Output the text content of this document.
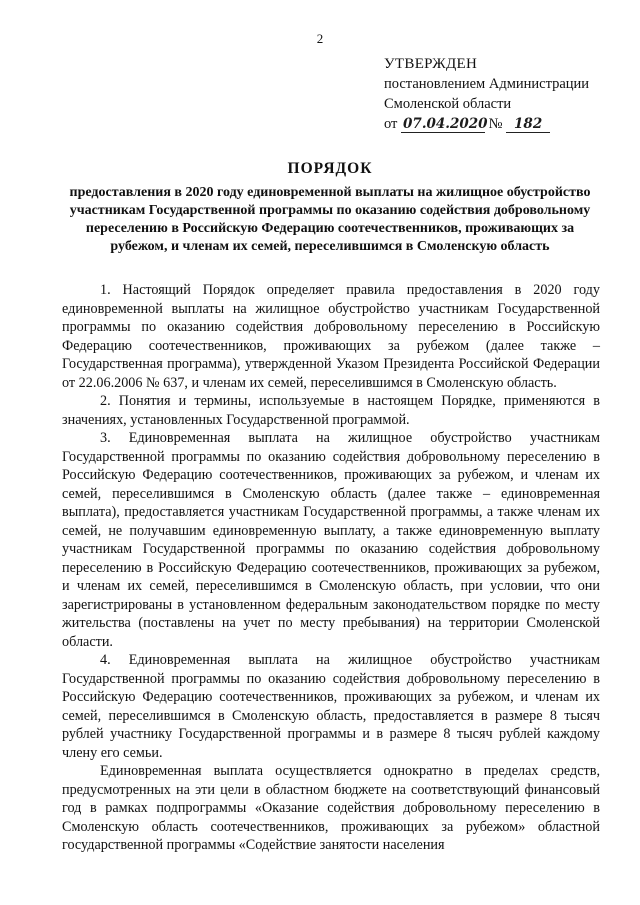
2
УТВЕРЖДЕН
постановлением Администрации
Смоленской области
от 07.04.2020 № 182
ПОРЯДОК
предоставления в 2020 году единовременной выплаты на жилищное обустройство участникам Государственной программы по оказанию содействия добровольному переселению в Российскую Федерацию соотечественников, проживающих за рубежом, и членам их семей, переселившимся в Смоленскую область

1. Настоящий Порядок определяет правила предоставления в 2020 году единовременной выплаты на жилищное обустройство участникам Государственной программы по оказанию содействия добровольному переселению в Российскую Федерацию соотечественников, проживающих за рубежом (далее также – Государственная программа), утвержденной Указом Президента Российской Федерации от 22.06.2006 № 637, и членам их семей, переселившимся в Смоленскую область.

2. Понятия и термины, используемые в настоящем Порядке, применяются в значениях, установленных Государственной программой.

3. Единовременная выплата на жилищное обустройство участникам Государственной программы по оказанию содействия добровольному переселению в Российскую Федерацию соотечественников, проживающих за рубежом, и членам их семей, переселившимся в Смоленскую область (далее также – единовременная выплата), предоставляется участникам Государственной программы, а также членам их семей, не получавшим единовременную выплату, а также единовременную выплату участникам Государственной программы по оказанию содействия добровольному переселению в Российскую Федерацию соотечественников, проживающих за рубежом, и членам их семей, переселившимся в Смоленскую область, при условии, что они зарегистрированы в установленном федеральным законодательством порядке по месту жительства (поставлены на учет по месту пребывания) на территории Смоленской области.

4. Единовременная выплата на жилищное обустройство участникам Государственной программы по оказанию содействия добровольному переселению в Российскую Федерацию соотечественников, проживающих за рубежом, и членам их семей, переселившимся в Смоленскую область, предоставляется в размере 8 тысяч рублей участнику Государственной программы и в размере 8 тысяч рублей каждому члену его семьи.

Единовременная выплата осуществляется однократно в пределах средств, предусмотренных на эти цели в областном бюджете на соответствующий финансовый год в рамках подпрограммы «Оказание содействия добровольному переселению в Смоленскую область соотечественников, проживающих за рубежом» областной государственной программы «Содействие занятости населения
